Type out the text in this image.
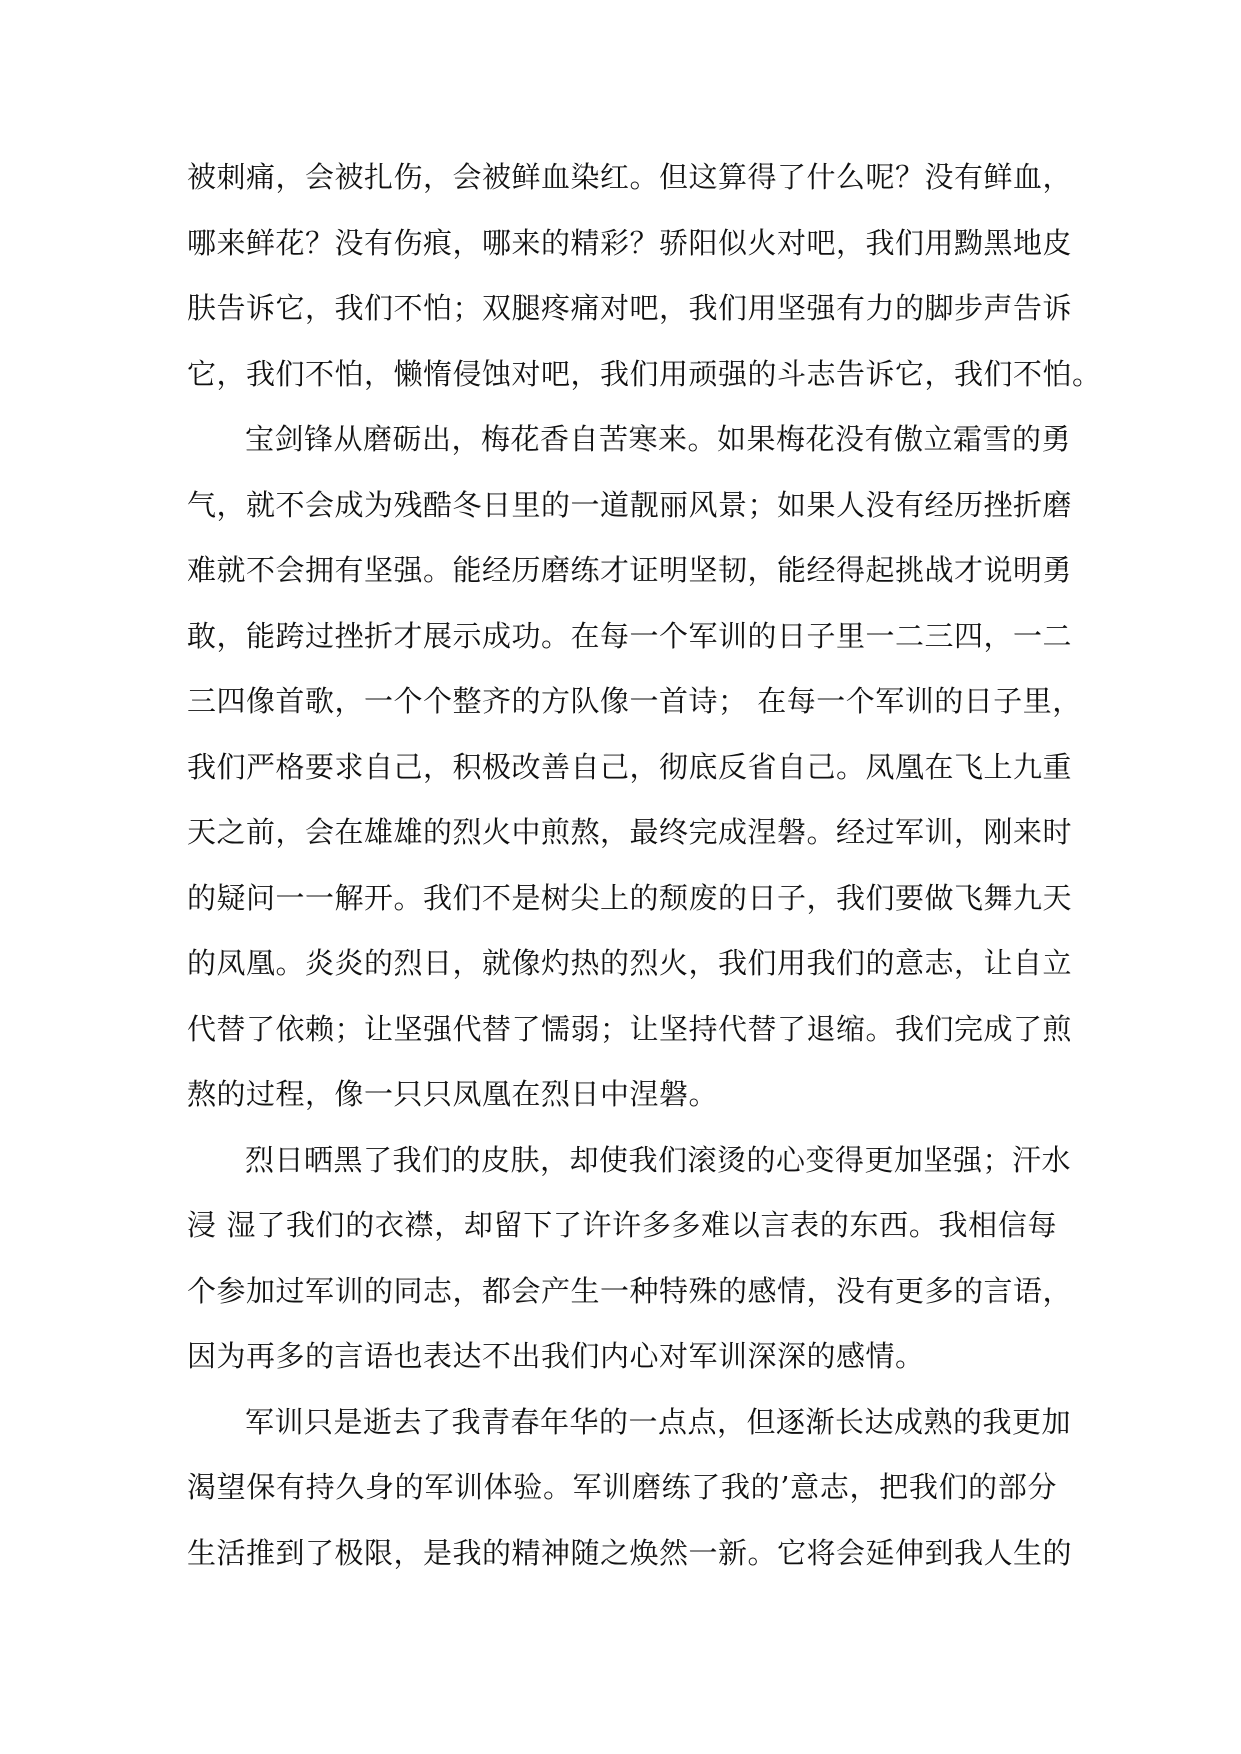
被刺痛，会被扎伤，会被鲜血染红。但这算得了什么呢？没有鲜血，
哪来鲜花？没有伤痕，哪来的精彩？骄阳似火对吧，我们用黝黑地皮
肤告诉它，我们不怕；双腿疼痛对吧，我们用坚强有力的脚步声告诉
它，我们不怕，懒惰侵蚀对吧，我们用顽强的斗志告诉它，我们不怕。

宝剑锋从磨砺出，梅花香自苦寒来。如果梅花没有傲立霜雪的勇
气，就不会成为残酷冬日里的一道靓丽风景；如果人没有经历挫折磨
难就不会拥有坚强。能经历磨练才证明坚韧，能经得起挑战才说明勇
敢，能跨过挫折才展示成功。在每一个军训的日子里一二三四，一二
三四像首歌，一个个整齐的方队像一首诗； 在每一个军训的日子里，
我们严格要求自己，积极改善自己，彻底反省自己。凤凰在飞上九重
天之前，会在雄雄的烈火中煎熬，最终完成涅磐。经过军训，刚来时
的疑问一一解开。我们不是树尖上的颓废的日子，我们要做飞舞九天
的凤凰。炎炎的烈日，就像灼热的烈火，我们用我们的意志，让自立
代替了依赖；让坚强代替了懦弱；让坚持代替了退缩。我们完成了煎
熬的过程，像一只只凤凰在烈日中涅磐。

烈日晒黑了我们的皮肤，却使我们滚烫的心变得更加坚强；汗水
浸 湿了我们的衣襟，却留下了许许多多难以言表的东西。我相信每
个参加过军训的同志，都会产生一种特殊的感情，没有更多的言语，
因为再多的言语也表达不出我们内心对军训深深的感情。

军训只是逝去了我青春年华的一点点，但逐渐长达成熟的我更加
渴望保有持久身的军训体验。军训磨练了我的’意志，把我们的部分
生活推到了极限，是我的精神随之焕然一新。它将会延伸到我人生的
